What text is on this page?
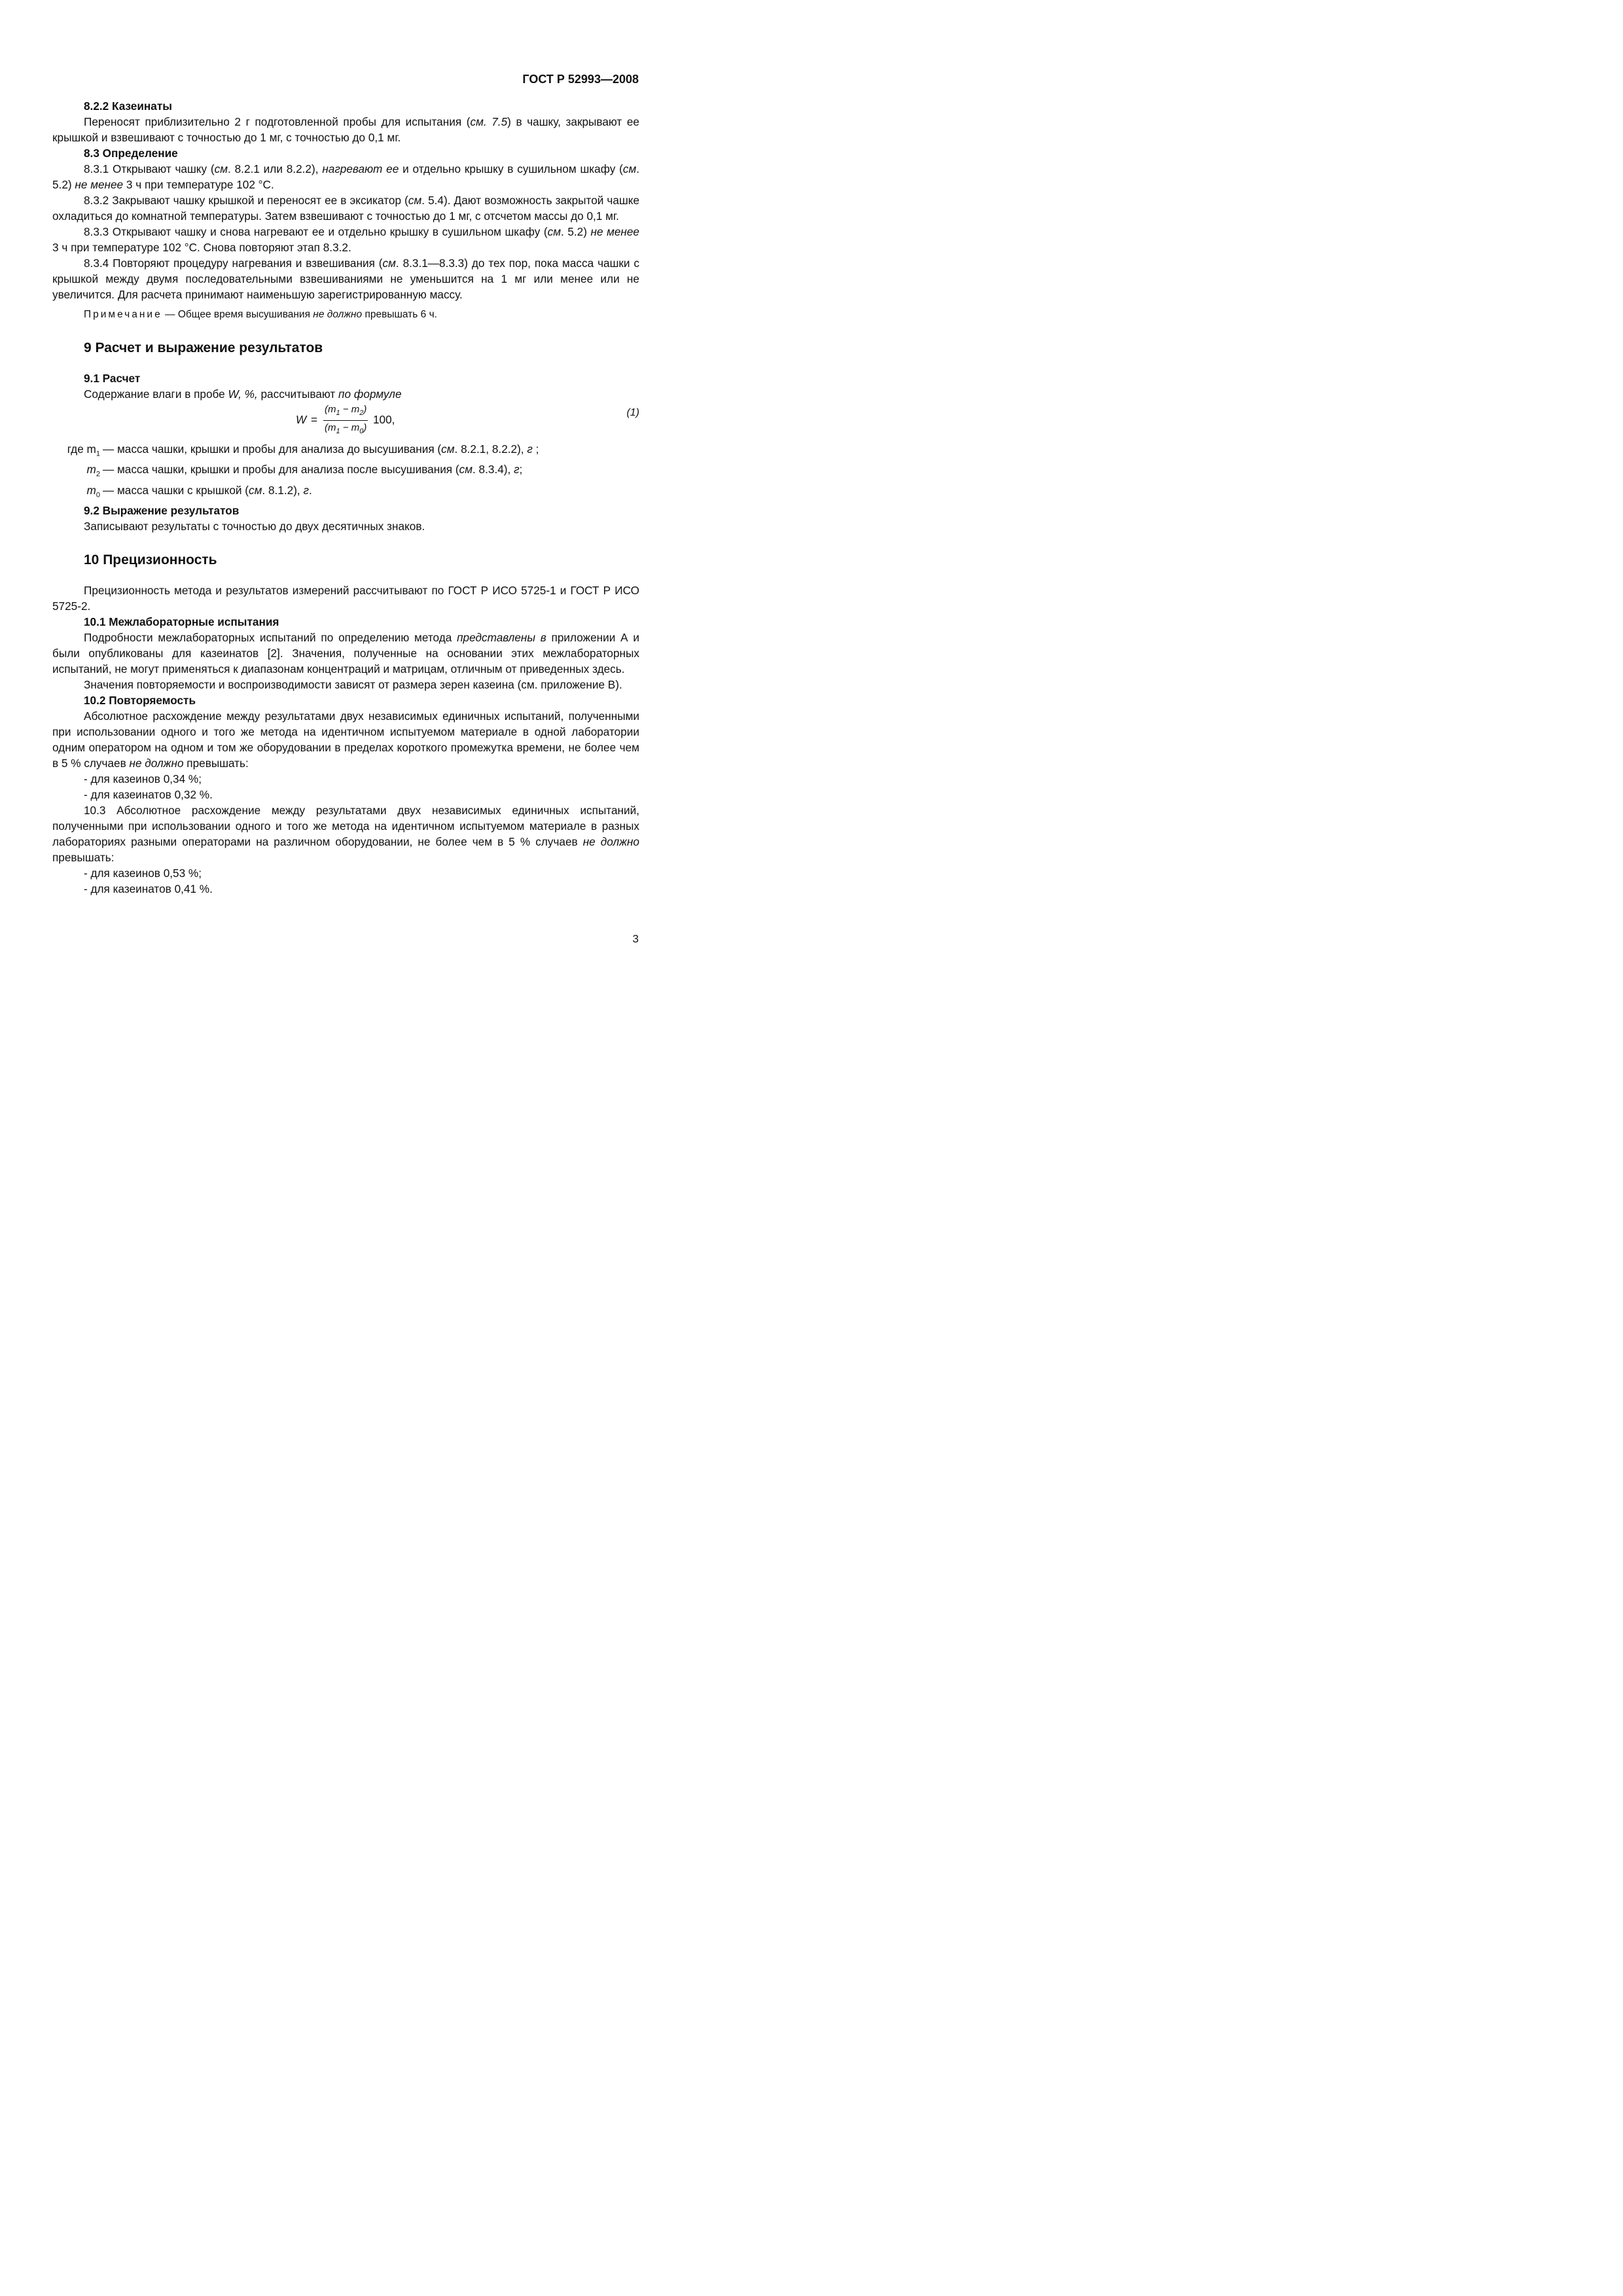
ГОСТ Р 52993—2008
8.2.2 Казеинаты

Переносят приблизительно 2 г подготовленной пробы для испытания (см. 7.5) в чашку, закрывают ее крышкой и взвешивают с точностью до 1 мг, с точностью до 0,1 мг.

8.3 Определение

8.3.1 Открывают чашку (см. 8.2.1 или 8.2.2), нагревают ее и отдельно крышку в сушильном шкафу (см. 5.2) не менее 3 ч при температуре 102 °С.

8.3.2 Закрывают чашку крышкой и переносят ее в эксикатор (см. 5.4). Дают возможность закрытой чашке охладиться до комнатной температуры. Затем взвешивают с точностью до 1 мг, с отсчетом массы до 0,1 мг.

8.3.3 Открывают чашку и снова нагревают ее и отдельно крышку в сушильном шкафу (см. 5.2) не менее 3 ч при температуре 102 °С. Снова повторяют этап 8.3.2.

8.3.4 Повторяют процедуру нагревания и взвешивания (см. 8.3.1—8.3.3) до тех пор, пока масса чашки с крышкой между двумя последовательными взвешиваниями не уменьшится на 1 мг или менее или не увеличится. Для расчета принимают наименьшую зарегистрированную массу.

Примечание — Общее время высушивания не должно превышать 6 ч.
9 Расчет и выражение результатов
9.1 Расчет

Содержание влаги в пробе W, %, рассчитывают по формуле

$W = \frac{(m_1 - m_2)}{(m_1 - m_0)} 100$,
(1)
где $m_1$ — масса чашки, крышки и пробы для анализа до высушивания (см. 8.2.1, 8.2.2), г ;
$m_2$ — масса чашки, крышки и пробы для анализа после высушивания (см. 8.3.4), г;
$m_0$ — масса чашки с крышкой (см. 8.1.2), г.
9.2 Выражение результатов

Записывают результаты с точностью до двух десятичных знаков.

10 Прецизионность

Прецизионность метода и результатов измерений рассчитывают по ГОСТ Р ИСО 5725-1 и ГОСТ Р ИСО 5725-2.

10.1 Межлабораторные испытания

Подробности межлабораторных испытаний по определению метода представлены в приложении А и были опубликованы для казеинатов [2]. Значения, полученные на основании этих межлабораторных испытаний, не могут применяться к диапазонам концентраций и матрицам, отличным от приведенных здесь.

Значения повторяемости и воспроизводимости зависят от размера зерен казеина (см. приложение В).

10.2 Повторяемость

Абсолютное расхождение между результатами двух независимых единичных испытаний, полученными при использовании одного и того же метода на идентичном испытуемом материале в одной лаборатории одним оператором на одном и том же оборудовании в пределах короткого промежутка времени, не более чем в 5 % случаев не должно превышать:

- для казеинов 0,34 %;
- для казеинатов 0,32 %.

10.3 Абсолютное расхождение между результатами двух независимых единичных испытаний, полученными при использовании одного и того же метода на идентичном испытуемом материале в разных лабораториях разными операторами на различном оборудовании, не более чем в 5 % случаев не должно превышать:

- для казеинов 0,53 %;
- для казеинатов 0,41 %.
3
